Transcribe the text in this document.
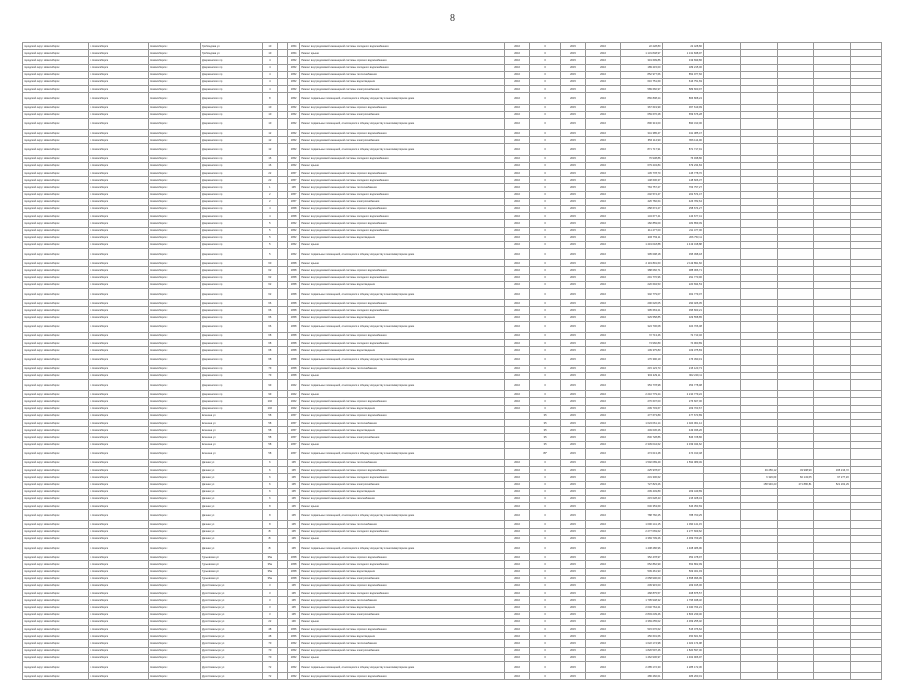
8
городской округ Новосибирск	г. Новосибирск	Новосибирск г.	Грибоедова ул	10		1954	Ремонт внутридомовой инженерной системы холодного водоснабжения	2016	0	2015	2016	22 428,80	22 428,80					
городской округ Новосибирск	г. Новосибирск	Новосибирск г.	Грибоедова ул	10		1954	Ремонт крыши	2016	0	2015	2016	1 131 848,97	1 131 848,97					
городской округ Новосибирск	г. Новосибирск	Новосибирск г.	Дзержинского пр	4		1952	Ремонт внутридомовой инженерной системы горячего водоснабжения	2016	0	2015	2016	319 699,86	319 699,86					
городской округ Новосибирск	г. Новосибирск	Новосибирск г.	Дзержинского пр	4		1952	Ремонт внутридомовой инженерной системы холодного водоснабжения	2016	0	2015	2016	189 215,00	189 215,00					
городской округ Новосибирск	г. Новосибирск	Новосибирск г.	Дзержинского пр	4		1952	Ремонт внутридомовой инженерной системы теплоснабжения	2016	0	2015	2016	852 977,66	852 977,66					
городской округ Новосибирск	г. Новосибирск	Новосибирск г.	Дзержинского пр	4		1952	Ремонт внутридомовой инженерной системы водоотведения	2016	0	2015	2016	616 751,69	616 751,69					
городской округ Новосибирск	г. Новосибирск	Новосибирск г.	Дзержинского пр	4		1952	Ремонт внутридомовой инженерной системы электроснабжения	2016	0	2015	2016	589 660,97	589 660,97					
городской округ Новосибирск	г. Новосибирск	Новосибирск г.	Дзержинского пр	8		1952	Ремонт подвальных помещений, относящихся к общему имуществу в многоквартирном доме	2016	0	2015	2016	866 808,24	866 808,24					
городской округ Новосибирск	г. Новосибирск	Новосибирск г.	Дзержинского пр	10		1952	Ремонт внутридомовой инженерной системы горячего водоснабжения	2016	0	2015	2016	367 619,99	367 619,99					
городской округ Новосибирск	г. Новосибирск	Новосибирск г.	Дзержинского пр	10		1952	Ремонт внутридомовой инженерной системы электроснабжения	2016	0	2015	2016	659 676,28	659 676,28					
городской округ Новосибирск	г. Новосибирск	Новосибирск г.	Дзержинского пр	10		1952	Ремонт подвальных помещений, относящихся к общему имуществу в многоквартирном доме	2016	0	2015	2016	890 313,00	890 313,00					
городской округ Новосибирск	г. Новосибирск	Новосибирск г.	Дзержинского пр	12		1952	Ремонт внутридомовой инженерной системы горячего водоснабжения	2016	0	2015	2016	341 385,47	341 385,47					
городской округ Новосибирск	г. Новосибирск	Новосибирск г.	Дзержинского пр	12		1952	Ремонт внутридомовой инженерной системы электроснабжения	2016	0	2015	2016	656 114,90	656 114,90					
городской округ Новосибирск	г. Новосибирск	Новосибирск г.	Дзержинского пр	12		1952	Ремонт подвальных помещений, относящихся к общему имуществу в многоквартирном доме	2016	0	2015	2016	871 717,91	871 717,91					
городской округ Новосибирск	г. Новосибирск	Новосибирск г.	Дзержинского пр	16		1952	Ремонт внутридомовой инженерной системы холодного водоснабжения	2016	0	2015	2016	76 938,86	76 938,86					
городской округ Новосибирск	г. Новосибирск	Новосибирск г.	Дзержинского пр	16		1952	Ремонт крыши	2016	0	2015	2016	679 234,84	679 234,84					
городской округ Новосибирск	г. Новосибирск	Новосибирск г.	Дзержинского пр	22		1957	Ремонт внутридомовой инженерной системы горячего водоснабжения	2016	0	2015	2016	145 778,70	145 778,70					
городской округ Новосибирск	г. Новосибирск	Новосибирск г.	Дзержинского пр	22		1957	Ремонт внутридомовой инженерной системы холодного водоснабжения	2016	0	2015	2016	148 606,37	148 606,37					
городской округ Новосибирск	г. Новосибирск	Новосибирск г.	Дзержинского пр	1		195	Ремонт внутридомовой инженерной системы теплоснабжения	2016	0	2015	2016	763 757,27	763 757,27					
городской округ Новосибирск	г. Новосибирск	Новосибирск г.	Дзержинского пр	2		1957	Ремонт внутридомовой инженерной системы холодного водоснабжения	2016	0	2015	2016	202 574,47	202 574,47					
городской округ Новосибирск	г. Новосибирск	Новосибирск г.	Дзержинского пр	2		1957	Ремонт внутридомовой инженерной системы электроснабжения	2016	0	2015	2016	426 782,64	426 782,64					
городской округ Новосибирск	г. Новосибирск	Новосибирск г.	Дзержинского пр	4		1958	Ремонт внутридомовой инженерной системы горячего водоснабжения	2016	0	2015	2016	258 674,27	258 674,27					
городской округ Новосибирск	г. Новосибирск	Новосибирск г.	Дзержинского пр	4		1958	Ремонт внутридомовой инженерной системы холодного водоснабжения	2016	0	2015	2016	143 677,41	143 677,41					
городской округ Новосибирск	г. Новосибирск	Новосибирск г.	Дзержинского пр	5		1952	Ремонт внутридомовой инженерной системы горячего водоснабжения	2016	0	2015	2016	182 859,09	182 859,09					
городской округ Новосибирск	г. Новосибирск	Новосибирск г.	Дзержинского пр	5		1952	Ремонт внутридомовой инженерной системы холодного водоснабжения	2016	0	2015	2016	211 477,00	211 477,00					
городской округ Новосибирск	г. Новосибирск	Новосибирск г.	Дзержинского пр	5		1952	Ремонт внутридомовой инженерной системы водоотведения	2016	0	2015	2016	206 753,11	206 753,11					
городской округ Новосибирск	г. Новосибирск	Новосибирск г.	Дзержинского пр	5		1952	Ремонт крыши	2016	0	2015	2016	1 419 018,88	1 419 018,88					
городской округ Новосибирск	г. Новосибирск	Новосибирск г.	Дзержинского пр	5		1952	Ремонт подвальных помещений, относящихся к общему имуществу в многоквартирном доме	2016	0	2015	2016	395 098,18	395 098,18					
городской округ Новосибирск	г. Новосибирск	Новосибирск г.	Дзержинского пр	60		1958	Ремонт крыши	2016	0	2015	2016	2 119 891,60	2 119 891,60					
городской округ Новосибирск	г. Новосибирск	Новосибирск г.	Дзержинского пр	62		1958	Ремонт внутридомовой инженерной системы горячего водоснабжения	2016	0	2015	2016	388 066,71	388 066,71					
городской округ Новосибирск	г. Новосибирск	Новосибирск г.	Дзержинского пр	62		1958	Ремонт внутридомовой инженерной системы холодного водоснабжения	2016	0	2015	2016	291 770,96	291 770,96					
городской округ Новосибирск	г. Новосибирск	Новосибирск г.	Дзержинского пр	62		1958	Ремонт внутридомовой инженерной системы водоотведения	2016	0	2015	2016	220 694,53	220 694,53					
городской округ Новосибирск	г. Новосибирск	Новосибирск г.	Дзержинского пр	62		1958	Ремонт подвальных помещений, относящихся к общему имуществу в многоквартирном доме	2016	0	2015	2016	302 779,07	302 779,07					
городской округ Новосибирск	г. Новосибирск	Новосибирск г.	Дзержинского пр	66		1958	Ремонт внутридомовой инженерной системы горячего водоснабжения	2016	0	2015	2016	290 026,05	290 026,05					
городской округ Новосибирск	г. Новосибирск	Новосибирск г.	Дзержинского пр	66		1958	Ремонт внутридомовой инженерной системы холодного водоснабжения	2016	0	2015	2016	395 663,21	395 663,21					
городской округ Новосибирск	г. Новосибирск	Новосибирск г.	Дзержинского пр	66		1958	Ремонт внутридомовой инженерной системы водоотведения	2016	0	2015	2016	329 558,85	329 558,85					
городской округ Новосибирск	г. Новосибирск	Новосибирск г.	Дзержинского пр	66		1958	Ремонт подвальных помещений, относящихся к общему имуществу в многоквартирном доме	2016	0	2015	2016	324 706,08	324 706,08					
городской округ Новосибирск	г. Новосибирск	Новосибирск г.	Дзержинского пр	68		1958	Ремонт внутридомовой инженерной системы горячего водоснабжения	2016	0	2015	2016	72 713,46	72 713,46					
городской округ Новосибирск	г. Новосибирск	Новосибирск г.	Дзержинского пр	68		1958	Ремонт внутридомовой инженерной системы холодного водоснабжения	2016	0	2015	2016	74 960,89	74 960,89					
городской округ Новосибирск	г. Новосибирск	Новосибирск г.	Дзержинского пр	68		1958	Ремонт внутридомовой инженерной системы водоотведения	2016	0	2015	2016	109 375,83	109 375,83					
городской округ Новосибирск	г. Новосибирск	Новосибирск г.	Дзержинского пр	68		1958	Ремонт подвальных помещений, относящихся к общему имуществу в многоквартирном доме	2016	0	2015	2016	176 390,19	176 390,19					
городской округ Новосибирск	г. Новосибирск	Новосибирск г.	Дзержинского пр	79		1958	Ремонт внутридомовой инженерной системы теплоснабжения	2016	0	2015	2016	215 123,73	215 123,73					
городской округ Новосибирск	г. Новосибирск	Новосибирск г.	Дзержинского пр	79		1958	Ремонт крыши	2016	0	2015	2016	902 229,11	902 229,11					
городской округ Новосибирск	г. Новосибирск	Новосибирск г.	Дзержинского пр	99		1962	Ремонт подвальных помещений, относящихся к общему имуществу в многоквартирном доме	2016	0	2015	2016	353 778,98	353 778,98					
городской округ Новосибирск	г. Новосибирск	Новосибирск г.	Дзержинского пр	99		1962	Ремонт крыши	2016	0	2015	2016	2 210 779,24	2 210 779,24					
городской округ Новосибирск	г. Новосибирск	Новосибирск г.	Дзержинского пр	102		1962	Ремонт внутридомовой инженерной системы горячего водоснабжения	2016	0	2015	2016	276 607,00	276 607,00					
городской округ Новосибирск	г. Новосибирск	Новосибирск г.	Дзержинского пр	102		1962	Ремонт внутридомовой инженерной системы водоотведения	2016	0	2015	2016	209 703,67	209 703,67					
городской округ Новосибирск	г. Новосибирск	Новосибирск г.	Есенина ул	58		1957	Ремонт внутридомовой инженерной системы горячего водоснабжения		35	2015	2016	477 673,89	477 673,89					
городской округ Новосибирск	г. Новосибирск	Новосибирск г.	Есенина ул	58		1957	Ремонт внутридомовой инженерной системы теплоснабжения		35	2015	2016	1 024 061,14	1 024 061,14					
городской округ Новосибирск	г. Новосибирск	Новосибирск г.	Есенина ул	58		1957	Ремонт внутридомовой инженерной системы водоотведения		35	2015	2016	449 036,26	449 036,26					
городской округ Новосибирск	г. Новосибирск	Новосибирск г.	Есенина ул	58		1957	Ремонт внутридомовой инженерной системы электроснабжения		35	2015	2016	846 728,86	846 728,86					
городской округ Новосибирск	г. Новосибирск	Новосибирск г.	Есенина ул	58		1957	Ремонт крыши		35	2015	2016	2 339 044,62	2 339 044,62					
городской округ Новосибирск	г. Новосибирск	Новосибирск г.	Есенина ул	58		1957	Ремонт подвальных помещений, относящихся к общему имуществу в многоквартирном доме		35*	2015	2016	474 013,48	474 013,48					
городской округ Новосибирск	г. Новосибирск	Новосибирск г.	Дачная ул	6		195	Ремонт внутридомовой инженерной системы теплоснабжения	2016	0	2015	2016	1 592 089,49	1 592 089,49					
городской округ Новосибирск	г. Новосибирск	Новосибирск г.	Дачная ул	6		195	Ремонт внутридомовой инженерной системы горячего водоснабжения	2016	0	2015	2016	225 978,07			49 256,12	49 998,99	195 216,72	
городской округ Новосибирск	г. Новосибирск	Новосибирск г.	Дачная ул	6		195	Ремонт внутридомовой инженерной системы холодного водоснабжения	2016	0	2015	2016	231 306,62			6 326,63	82 143,65	97 277,20	
городской округ Новосибирск	г. Новосибирск	Новосибирск г.	Дачная ул	6		195	Ремонт внутридомовой инженерной системы электроснабжения	2016	0	2015	2016	727 823,26			158 946,23	271 880,81	521 202,29	
городской округ Новосибирск	г. Новосибирск	Новосибирск г.	Дачная ул	6		195	Ремонт внутридомовой инженерной системы водоотведения	2016	0	2015	2016	209 449,89	209 449,89					
городской округ Новосибирск	г. Новосибирск	Новосибирск г.	Дачная ул	6		195	Ремонт внутридомовой инженерной системы газоснабжения	2016	0	2015	2016	215 028,43	215 028,43					
городской округ Новосибирск	г. Новосибирск	Новосибирск г.	Дачная ул	8		195	Ремонт крыши	2016	0	2015	2016	646 353,69	646 353,69					
городской округ Новосибирск	г. Новосибирск	Новосибирск г.	Дачная ул	8		195	Ремонт подвальных помещений, относящихся к общему имуществу в многоквартирном доме	2016	0	2015	2016	788 760,25	788 760,25					
городской округ Новосибирск	г. Новосибирск	Новосибирск г.	Дачная ул	8		195	Ремонт внутридомовой инженерной системы теплоснабжения	2016	0	2015	2016	1 090 141,15	1 090 141,15					
городской округ Новосибирск	г. Новосибирск	Новосибирск г.	Дачная ул	8г		195	Ремонт внутридомовой инженерной системы холодного водоснабжения	2016	0	2015	2016	2 277 669,62	2 277 669,62					
городской округ Новосибирск	г. Новосибирск	Новосибирск г.	Дачная ул	8г		195	Ремонт крыши	2016	0	2015	2016	4 369 709,26	4 369 709,26					
городской округ Новосибирск	г. Новосибирск	Новосибирск г.	Дачная ул	8г		195	Ремонт подвальных помещений, относящихся к общему имуществу в многоквартирном доме	2016	0	2015	2016	1 408 486,96	1 408 486,96					
городской округ Новосибирск	г. Новосибирск	Новосибирск г.	Гурьевская ул	35а		1958	Ремонт внутридомовой инженерной системы горячего водоснабжения	2016	0	2015	2016	352 478,97	352 478,97					
городской округ Новосибирск	г. Новосибирск	Новосибирск г.	Гурьевская ул	35а		1958	Ремонт внутридомовой инженерной системы холодного водоснабжения	2016	0	2015	2016	652 862,99	652 862,99					
городской округ Новосибирск	г. Новосибирск	Новосибирск г.	Гурьевская ул	35а		1958	Ремонт внутридомовой инженерной системы водоотведения	2016	0	2015	2016	509 461,93	509 461,93					
городской округ Новосибирск	г. Новосибирск	Новосибирск г.	Гурьевская ул	35а		1958	Ремонт внутридомовой инженерной системы электроснабжения	2016	0	2015	2016	2 658 996,09	2 658 996,09					
городской округ Новосибирск	г. Новосибирск	Новосибирск г.	Дуси Ковальчук ул	3		195	Ремонт внутридомовой инженерной системы горячего водоснабжения	2016	0	2015	2016	209 915,00	209 915,00					
городской округ Новосибирск	г. Новосибирск	Новосибирск г.	Дуси Ковальчук ул	3		195	Ремонт внутридомовой инженерной системы холодного водоснабжения	2016	0	2015	2016	468 875,57	468 875,57					
городской округ Новосибирск	г. Новосибирск	Новосибирск г.	Дуси Ковальчук ул	3		195	Ремонт внутридомовой инженерной системы теплоснабжения	2016	0	2015	2016	1 795 948,32	1 795 948,32					
городской округ Новосибирск	г. Новосибирск	Новосибирск г.	Дуси Ковальчук ул	3		195	Ремонт внутридомовой инженерной системы водоотведения	2016	0	2015	2016	2 040 764,21	2 040 764,21					
городской округ Новосибирск	г. Новосибирск	Новосибирск г.	Дуси Ковальчук ул	3		195	Ремонт внутридомовой инженерной системы электроснабжения	2016	0	2015	2016	2 803 239,46	2 803 239,46					
городской округ Новосибирск	г. Новосибирск	Новосибирск г.	Дуси Ковальчук ул	22		196	Ремонт крыши	2016	0	2015	2016	4 369 255,02	4 369 255,02					
городской округ Новосибирск	г. Новосибирск	Новосибирск г.	Дуси Ковальчук ул	48		1956	Ремонт внутридомовой инженерной системы горячего водоснабжения	2016	0	2015	2016	515 076,62	515 076,62					
городской округ Новосибирск	г. Новосибирск	Новосибирск г.	Дуси Ковальчук ул	48		1956	Ремонт внутридомовой инженерной системы водоотведения	2016	0	2015	2016	450 601,66	450 601,66					
городской округ Новосибирск	г. Новосибирск	Новосибирск г.	Дуси Ковальчук ул	70		1952	Ремонт внутридомовой инженерной системы теплоснабжения	2016	0	2015	2016	1 022 174,98	1 022 174,98					
городской округ Новосибирск	г. Новосибирск	Новосибирск г.	Дуси Ковальчук ул	70		1952	Ремонт внутридомовой инженерной системы электроснабжения	2016	0	2015	2016	1 820 597,46	1 820 597,46					
городской округ Новосибирск	г. Новосибирск	Новосибирск г.	Дуси Ковальчук ул	70		1952	Ремонт крыши	2016	0	2015	2016	1 462 906,97	1 462 906,97					
городской округ Новосибирск	г. Новосибирск	Новосибирск г.	Дуси Ковальчук ул	72		1952	Ремонт подвальных помещений, относящихся к общему имуществу в многоквартирном доме	2016	0	2015	2016	2 285 172,30	2 285 172,30					
городской округ Новосибирск	г. Новосибирск	Новосибирск г.	Дуси Ковальчук ул	72		1952	Ремонт внутридомовой инженерной системы горячего водоснабжения	2016	0	2015	2016	486 260,01	486 260,01					
